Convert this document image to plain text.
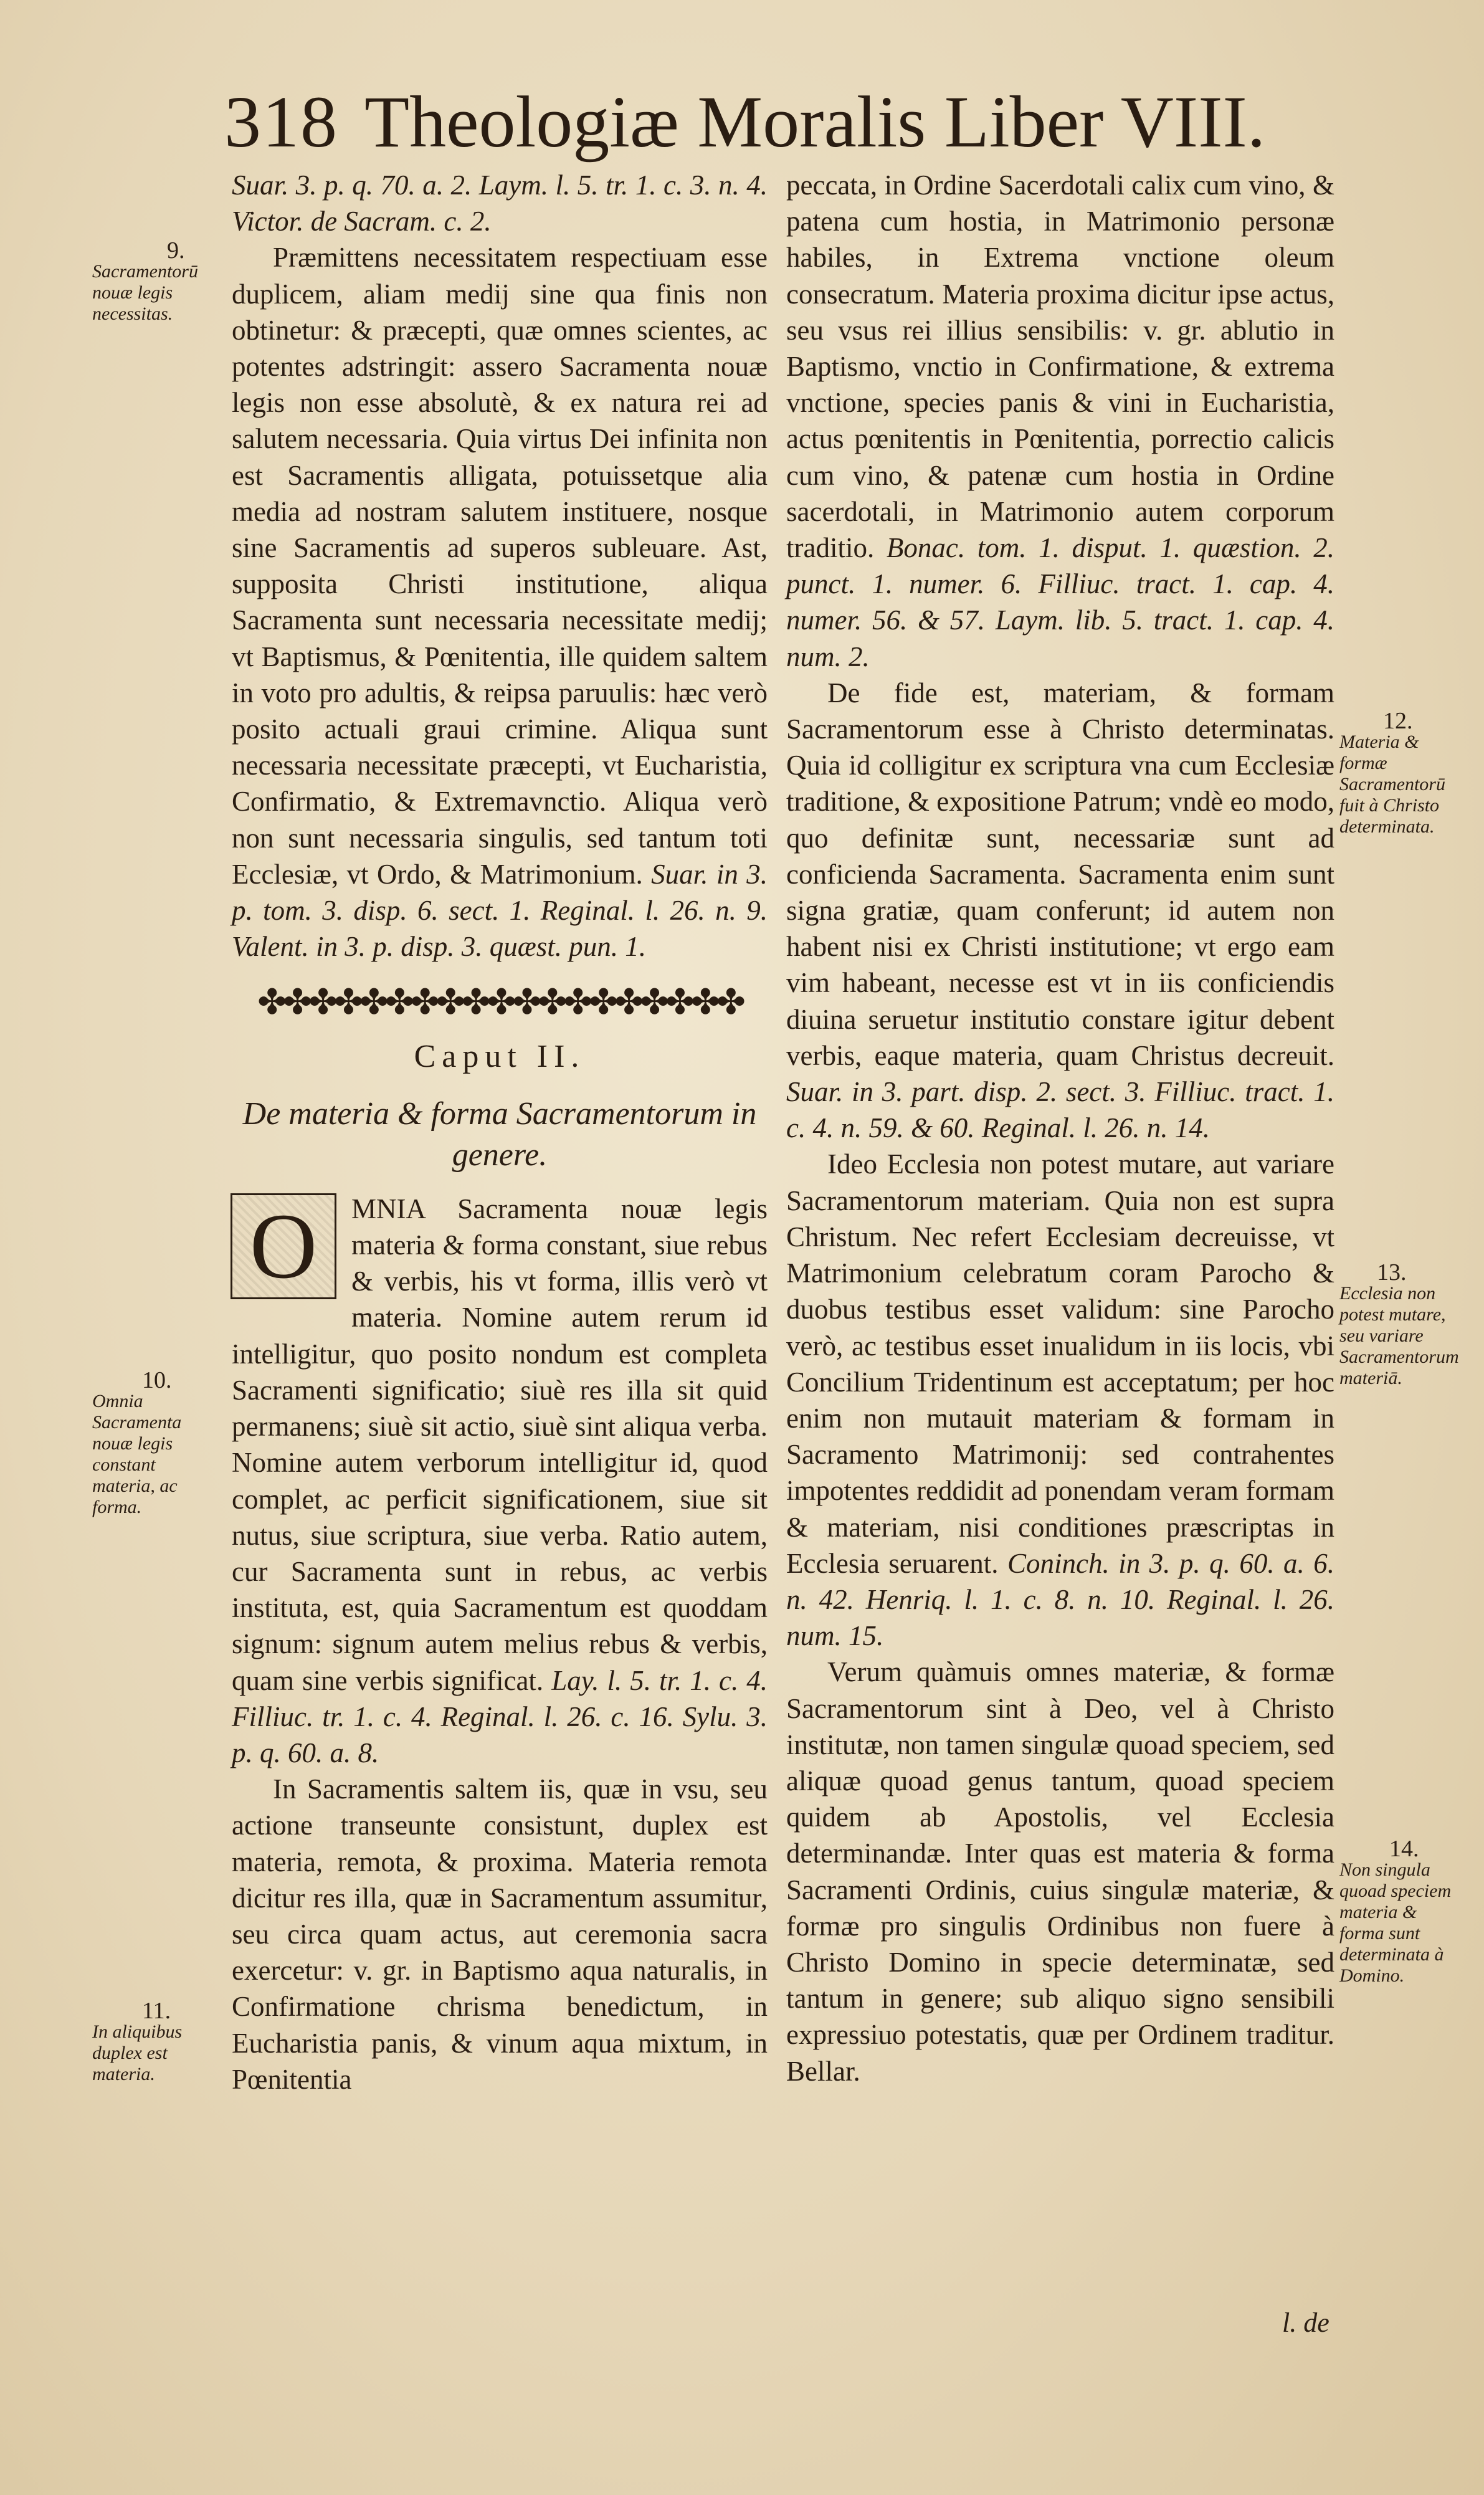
318 Theologiæ Moralis Liber VIII.

Suar. 3. p. q. 70. a. 2. Laym. l. 5. tr. 1. c. 3. n. 4. Victor. de Sacram. c. 2.

Præmittens necessitatem respectiuam esse duplicem, aliam medij sine qua finis non obtinetur: & præcepti, quæ omnes scientes, ac potentes adstringit: assero Sacramenta nouæ legis non esse absolutè, & ex natura rei ad salutem necessaria. Quia virtus Dei infinita non est Sacramentis alligata, potuissetque alia media ad nostram salutem instituere, nosque sine Sacramentis ad superos subleuare. Ast, supposita Christi institutione, aliqua Sacramenta sunt necessaria necessitate medij; vt Baptismus, & Pœnitentia, ille quidem saltem in voto pro adultis, & reipsa paruulis: hæc verò posito actuali graui crimine. Aliqua sunt necessaria necessitate præcepti, vt Eucharistia, Confirmatio, & Extremavnctio. Aliqua verò non sunt necessaria singulis, sed tantum toti Ecclesiæ, vt Ordo, & Matrimonium. Suar. in 3. p. tom. 3. disp. 6. sect. 1. Reginal. l. 26. n. 9. Valent. in 3. p. disp. 3. quæst. pun. 1.

✤✤✤✤✤✤✤✤✤✤✤✤✤✤✤✤✤✤✤
Caput II.
De materia & forma Sacramentorum in genere.

O MNIA Sacramenta nouæ legis materia & forma constant, siue rebus & verbis, his vt forma, illis verò vt materia. Nomine autem rerum id intelligitur, quo posito nondum est completa Sacramenti significatio; siuè res illa sit quid permanens; siuè sit actio, siuè sint aliqua verba. Nomine autem verborum intelligitur id, quod complet, ac perficit significationem, siue sit nutus, siue scriptura, siue verba. Ratio autem, cur Sacramenta sunt in rebus, ac verbis instituta, est, quia Sacramentum est quoddam signum: signum autem melius rebus & verbis, quam sine verbis significat. Lay. l. 5. tr. 1. c. 4. Filliuc. tr. 1. c. 4. Reginal. l. 26. c. 16. Sylu. 3. p. q. 60. a. 8.

In Sacramentis saltem iis, quæ in vsu, seu actione transeunte consistunt, duplex est materia, remota, & proxima. Materia remota dicitur res illa, quæ in Sacramentum assumitur, seu circa quam actus, aut ceremonia sacra exercetur: v. gr. in Baptismo aqua naturalis, in Confirmatione chrisma benedictum, in Eucharistia panis, & vinum aqua mixtum, in Pœnitentia

peccata, in Ordine Sacerdotali calix cum vino, & patena cum hostia, in Matrimonio personæ habiles, in Extrema vnctione oleum consecratum. Materia proxima dicitur ipse actus, seu vsus rei illius sensibilis: v. gr. ablutio in Baptismo, vnctio in Confirmatione, & extrema vnctione, species panis & vini in Eucharistia, actus pœnitentis in Pœnitentia, porrectio calicis cum vino, & patenæ cum hostia in Ordine sacerdotali, in Matrimonio autem corporum traditio. Bonac. tom. 1. disput. 1. quæstion. 2. punct. 1. numer. 6. Filliuc. tract. 1. cap. 4. numer. 56. & 57. Laym. lib. 5. tract. 1. cap. 4. num. 2.

De fide est, materiam, & formam Sacramentorum esse à Christo determinatas. Quia id colligitur ex scriptura vna cum Ecclesiæ traditione, & expositione Patrum; vndè eo modo, quo definitæ sunt, necessariæ sunt ad conficienda Sacramenta. Sacramenta enim sunt signa gratiæ, quam conferunt; id autem non habent nisi ex Christi institutione; vt ergo eam vim habeant, necesse est vt in iis conficiendis diuina seruetur institutio constare igitur debent verbis, eaque materia, quam Christus decreuit. Suar. in 3. part. disp. 2. sect. 3. Filliuc. tract. 1. c. 4. n. 59. & 60. Reginal. l. 26. n. 14.

Ideo Ecclesia non potest mutare, aut variare Sacramentorum materiam. Quia non est supra Christum. Nec refert Ecclesiam decreuisse, vt Matrimonium celebratum coram Parocho & duobus testibus esset validum: sine Parocho verò, ac testibus esset inualidum in iis locis, vbi Concilium Tridentinum est acceptatum; per hoc enim non mutauit materiam & formam in Sacramento Matrimonij: sed contrahentes impotentes reddidit ad ponendam veram formam & materiam, nisi conditiones præscriptas in Ecclesia seruarent. Coninch. in 3. p. q. 60. a. 6. n. 42. Henriq. l. 1. c. 8. n. 10. Reginal. l. 26. num. 15.

Verum quàmuis omnes materiæ, & formæ Sacramentorum sint à Deo, vel à Christo institutæ, non tamen singulæ quoad speciem, sed aliquæ quoad genus tantum, quoad speciem quidem ab Apostolis, vel Ecclesia determinandæ. Inter quas est materia & forma Sacramenti Ordinis, cuius singulæ materiæ, & formæ pro singulis Ordinibus non fuere à Christo Domino in specie determinatæ, sed tantum in genere; sub aliquo signo sensibili expressiuo potestatis, quæ per Ordinem traditur. Bellar.

l. de
9.
Sacramentorū nouæ legis necessitas.
10.
Omnia Sacramenta nouæ legis constant materia, ac forma.
11.
In aliquibus duplex est materia.
12.
Materia & formæ Sacramentorū fuit à Christo determinata.
13.
Ecclesia non potest mutare, seu variare Sacramentorum materiā.
14.
Non singula quoad speciem materia & forma sunt determinata à Domino.
